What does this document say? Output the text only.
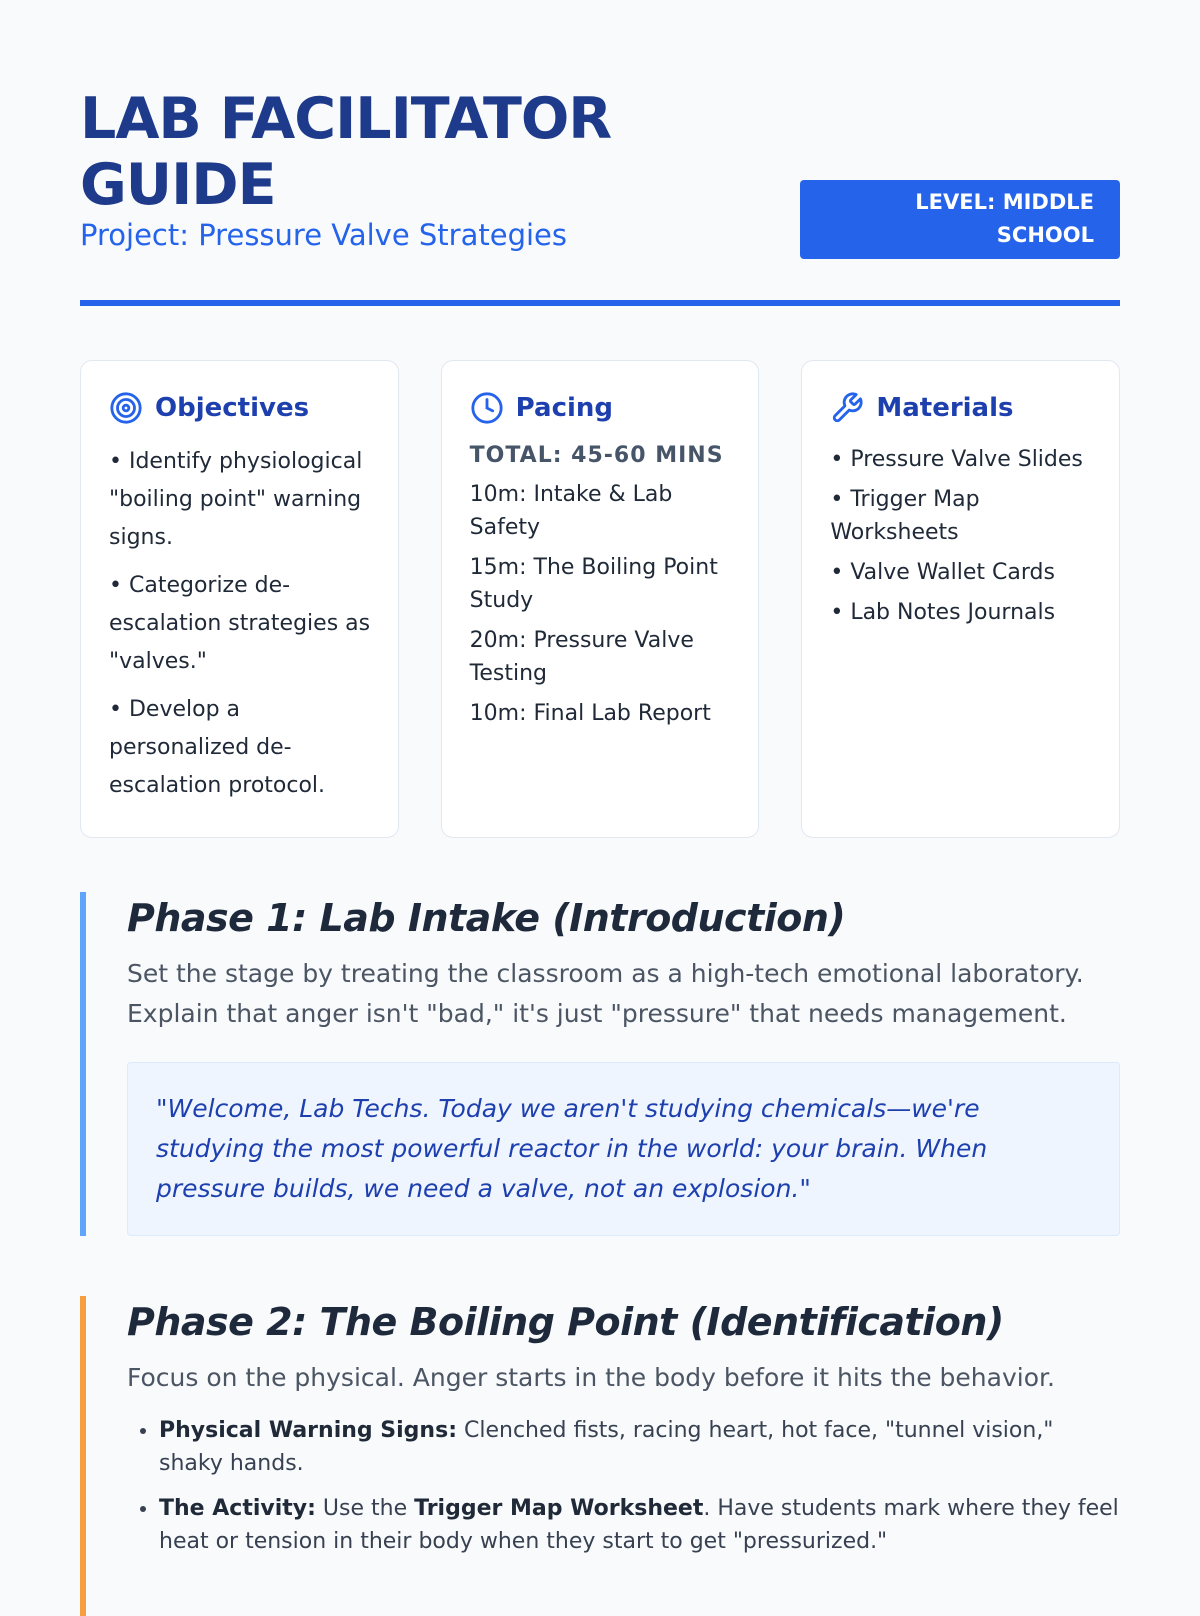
LAB FACILITATOR GUIDE
Project: Pressure Valve Strategies
LEVEL: MIDDLE SCHOOL
Objectives
• Identify physiological "boiling point" warning signs.
• Categorize de-escalation strategies as "valves."
• Develop a personalized de-escalation protocol.
Pacing
TOTAL: 45-60 MINS
10m: Intake & Lab Safety
15m: The Boiling Point Study
20m: Pressure Valve Testing
10m: Final Lab Report
Materials
• Pressure Valve Slides
• Trigger Map Worksheets
• Valve Wallet Cards
• Lab Notes Journals
Phase 1: Lab Intake (Introduction)
Set the stage by treating the classroom as a high-tech emotional laboratory. Explain that anger isn't "bad," it's just "pressure" that needs management.
"Welcome, Lab Techs. Today we aren't studying chemicals—we're studying the most powerful reactor in the world: your brain. When pressure builds, we need a valve, not an explosion."
Phase 2: The Boiling Point (Identification)
Focus on the physical. Anger starts in the body before it hits the behavior.
• Physical Warning Signs: Clenched fists, racing heart, hot face, "tunnel vision," shaky hands.
• The Activity: Use the Trigger Map Worksheet. Have students mark where they feel heat or tension in their body when they start to get "pressurized."
